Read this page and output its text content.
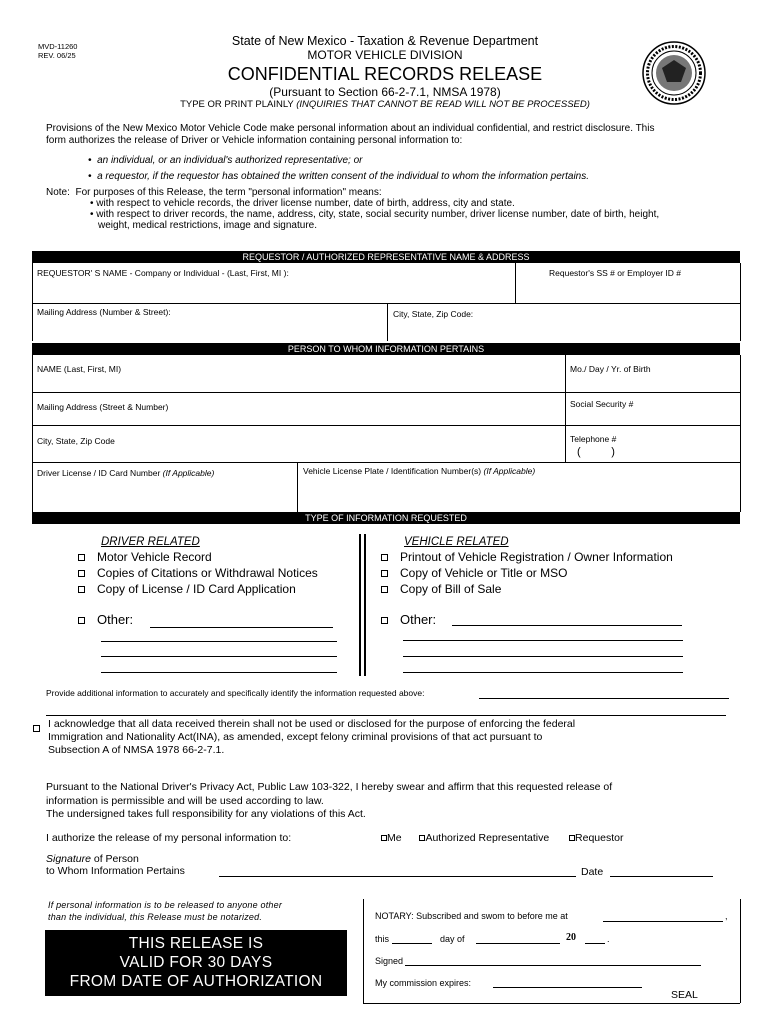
MVD-11260
REV. 06/25
State of New Mexico - Taxation & Revenue Department
MOTOR VEHICLE DIVISION
CONFIDENTIAL RECORDS RELEASE
(Pursuant to Section 66-2-7.1, NMSA 1978)
TYPE OR PRINT PLAINLY (INQUIRIES THAT CANNOT BE READ WILL NOT BE PROCESSED)
Provisions of the New Mexico Motor Vehicle Code make personal information about an individual confidential, and restrict disclosure. This
form authorizes the release of Driver or Vehicle information containing personal information to:
•  an individual, or an individual's authorized representative; or
•  a requestor, if the requestor has obtained the written consent of the individual to whom the information pertains.
Note: For purposes of this Release, the term "personal information" means:
• with respect to vehicle records, the driver license number, date of birth, address, city and state.
• with respect to driver records, the name, address, city, state, social security number, driver license number, date of birth, height,
weight, medical restrictions, image and signature.
REQUESTOR / AUTHORIZED REPRESENTATIVE NAME & ADDRESS
REQUESTOR' S NAME - Company or Individual - (Last, First, MI ):	Requestor's SS # or Employer ID #
Mailing Address (Number & Street):	City, State, Zip Code:
PERSON TO WHOM INFORMATION PERTAINS
NAME (Last, First, MI)	Mo./ Day / Yr. of Birth
Mailing Address (Street & Number)	Social Security #
City, State, Zip Code	Telephone #
(          )
Driver License / ID Card Number (If Applicable)	Vehicle License Plate / Identification Number(s) (If Applicable)
TYPE OF INFORMATION REQUESTED
DRIVER RELATED
Motor Vehicle Record
Copies of Citations or Withdrawal Notices
Copy of License / ID Card Application
Other:
VEHICLE RELATED
Printout of Vehicle Registration / Owner Information
Copy of Vehicle or Title or MSO
Copy of Bill of Sale
Other:
Provide additional information to accurately and specifically identify the information requested above:
I acknowledge that all data received therein shall not be used or disclosed for the purpose of enforcing the federal
Immigration and Nationality Act(INA), as amended, except felony criminal provisions of that act pursuant to
Subsection A of NMSA 1978 66-2-7.1.
Pursuant to the National Driver's Privacy Act, Public Law 103-322, I hereby swear and affirm that this requested release of
information is permissible and will be used according to law.
The undersigned takes full responsibility for any violations of this Act.
I authorize the release of my personal information to:	Me Authorized Representative Requestor
Signature of Person
to Whom Information Pertains	Date
If personal information is to be released to anyone other
than the individual, this Release must be notarized.
THIS RELEASE IS
VALID FOR 30 DAYS
FROM DATE OF AUTHORIZATION
NOTARY: Subscribed and swom to before me at	,
this	day of	20	.
Signed
My commission expires:
SEAL
